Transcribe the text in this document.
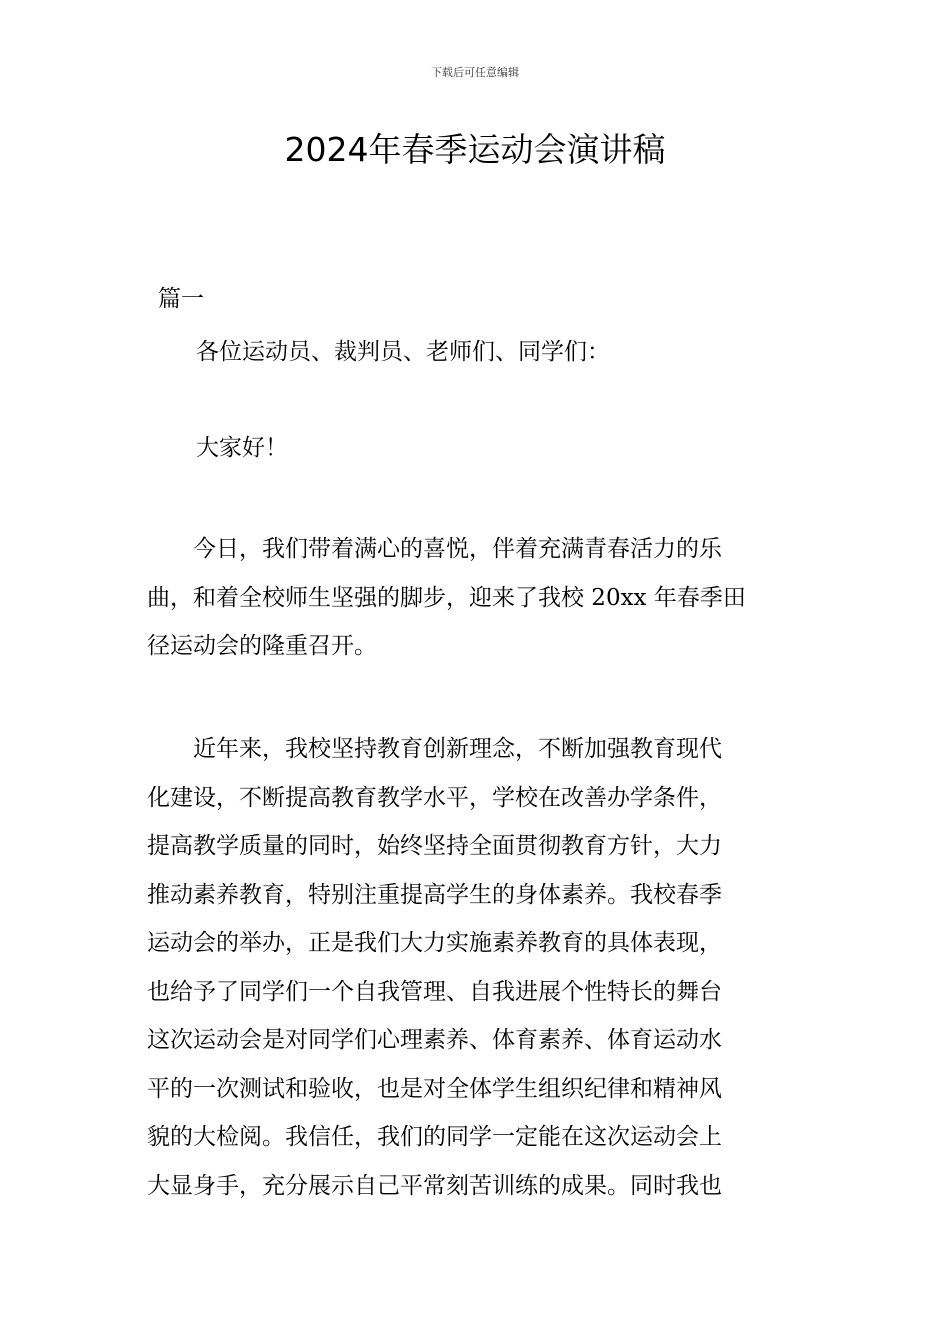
下载后可任意编辑
2024年春季运动会演讲稿
篇一

各位运动员、裁判员、老师们、同学们：

大家好！

今日，我们带着满心的喜悦，伴着充满青春活力的乐
曲，和着全校师生坚强的脚步，迎来了我校 20xx 年春季田
径运动会的隆重召开。

近年来，我校坚持教育创新理念，不断加强教育现代
化建设，不断提高教育教学水平，学校在改善办学条件，
提高教学质量的同时，始终坚持全面贯彻教育方针，大力
推动素养教育，特别注重提高学生的身体素养。我校春季
运动会的举办，正是我们大力实施素养教育的具体表现，
也给予了同学们一个自我管理、自我进展个性特长的舞台
这次运动会是对同学们心理素养、体育素养、体育运动水
平的一次测试和验收，也是对全体学生组织纪律和精神风
貌的大检阅。我信任，我们的同学一定能在这次运动会上
大显身手，充分展示自己平常刻苦训练的成果。同时我也
